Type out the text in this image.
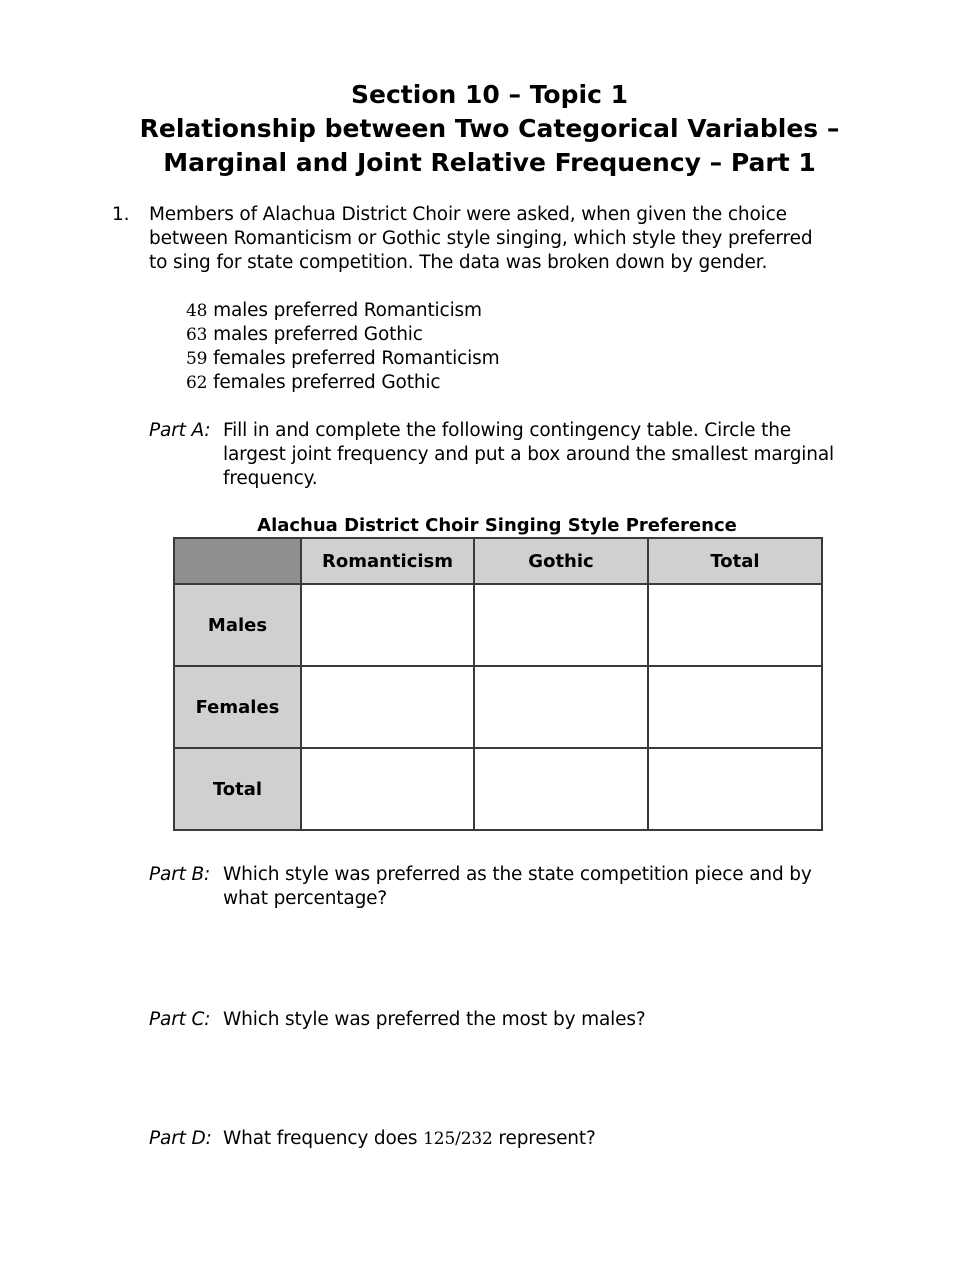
Section 10 – Topic 1
Relationship between Two Categorical Variables –
Marginal and Joint Relative Frequency – Part 1
1. Members of Alachua District Choir were asked, when given the choice
between Romanticism or Gothic style singing, which style they preferred
to sing for state competition. The data was broken down by gender.
48 males preferred Romanticism
63 males preferred Gothic
59 females preferred Romanticism
62 females preferred Gothic
Part A: Fill in and complete the following contingency table. Circle the
largest joint frequency and put a box around the smallest marginal
frequency.
Alachua District Choir Singing Style Preference
	Romanticism	Gothic	Total
Males			
Females			
Total			
Part B: Which style was preferred as the state competition piece and by
what percentage?
Part C: Which style was preferred the most by males?
Part D: What frequency does 125/232 represent?
